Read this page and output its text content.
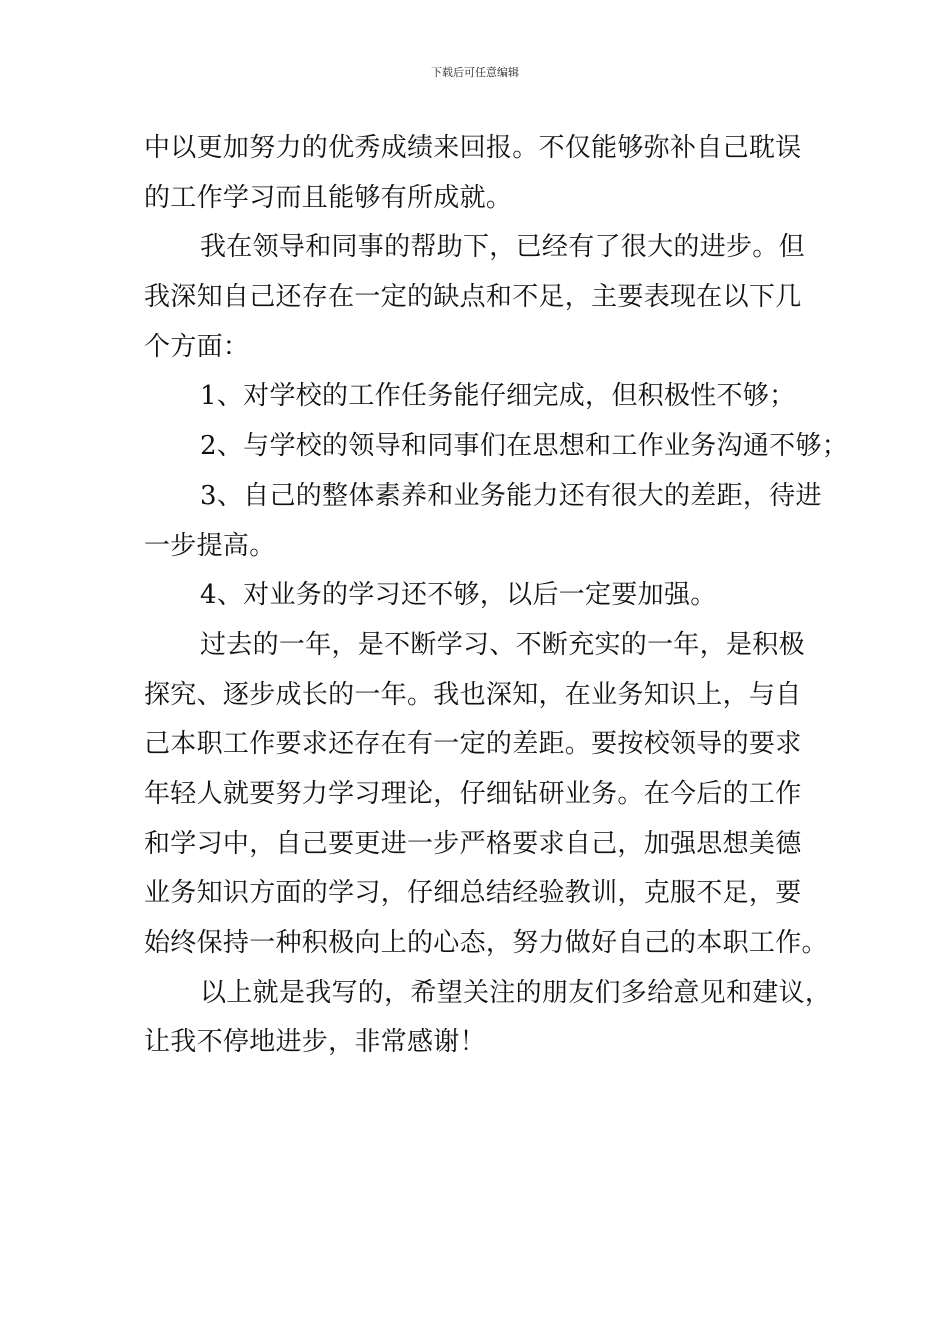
下载后可任意编辑
中以更加努力的优秀成绩来回报。不仅能够弥补自己耽误
的工作学习而且能够有所成就。
我在领导和同事的帮助下，已经有了很大的进步。但
我深知自己还存在一定的缺点和不足，主要表现在以下几
个方面：
1、对学校的工作任务能仔细完成，但积极性不够；
2、与学校的领导和同事们在思想和工作业务沟通不够；
3、自己的整体素养和业务能力还有很大的差距，待进
一步提高。
4、对业务的学习还不够，以后一定要加强。
过去的一年，是不断学习、不断充实的一年，是积极
探究、逐步成长的一年。我也深知，在业务知识上，与自
己本职工作要求还存在有一定的差距。要按校领导的要求
年轻人就要努力学习理论，仔细钻研业务。在今后的工作
和学习中，自己要更进一步严格要求自己，加强思想美德
业务知识方面的学习，仔细总结经验教训，克服不足，要
始终保持一种积极向上的心态，努力做好自己的本职工作。
以上就是我写的，希望关注的朋友们多给意见和建议，
让我不停地进步，非常感谢！
